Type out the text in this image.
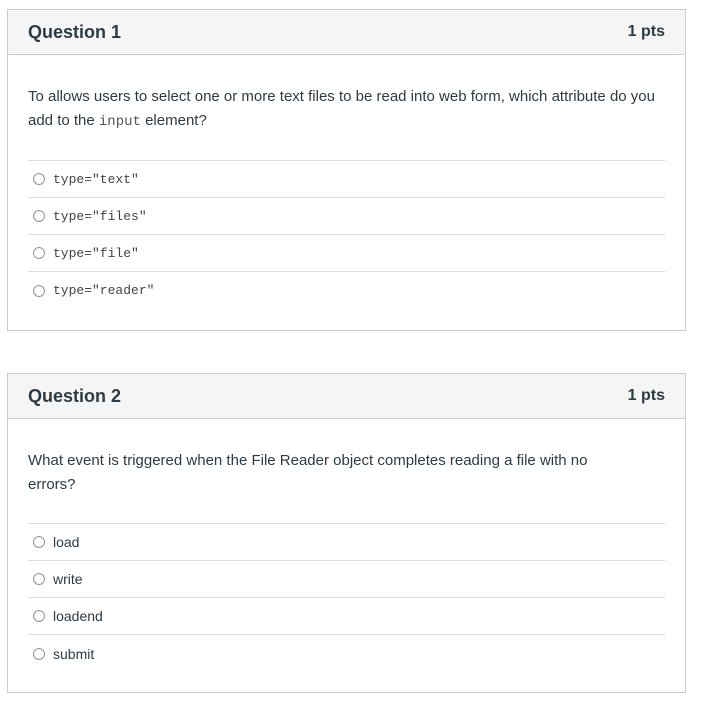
Question 1	1 pts

To allows users to select one or more text files to be read into web form, which attribute do you add to the input element?

type="text"
type="files"
type="file"
type="reader"
Question 2	1 pts

What event is triggered when the File Reader object completes reading a file with no errors?

load
write
loadend
submit
